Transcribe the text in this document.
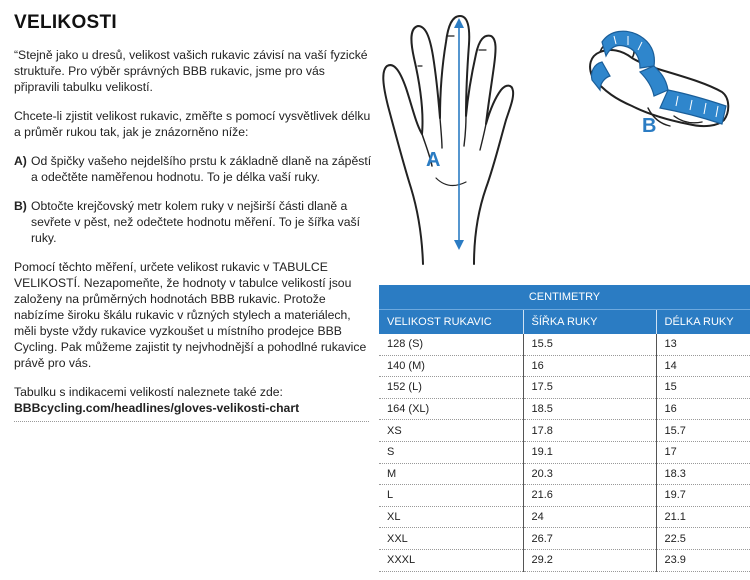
VELIKOSTI

“Stejně jako u dresů, velikost vašich rukavic závisí na vaší fyzické struktuře. Pro výběr správných BBB rukavic, jsme pro vás připravili tabulku velikostí.

Chcete-li zjistit velikost rukavic, změřte s pomocí vysvětlivek délku a průměr rukou tak, jak je znázorněno níže:

A) Od špičky vašeho nejdelšího prstu k základně dlaně na zápěstí a odečtěte naměřenou hodnotu. To je délka vaší ruky.
B) Obtočte krejčovský metr kolem ruky v nejširší části dlaně a sevřete v pěst, než odečtete hodnotu měření. To je šířka vaší ruky.

Pomocí těchto měření, určete velikost rukavic v TABULCE VELIKOSTÍ. Nezapomeňte, že hodnoty v tabulce velikostí jsou založeny na průměrných hodnotách BBB rukavic. Protože nabízíme široku škálu rukavic v různých stylech a materiálech, měli byste vždy rukavice vyzkoušet u místního prodejce BBB Cycling. Pak můžeme zajistit ty nejvhodnější a pohodlné rukavice právě pro vás.

Tabulku s indikacemi velikostí naleznete také zde:
BBBcycling.com/headlines/gloves-velikosti-chart

A
B
CENTIMETRY		
VELIKOST RUKAVIC	ŠÍŘKA RUKY	DÉLKA RUKY
128 (S)	15.5	13
140 (M)	16	14
152 (L)	17.5	15
164 (XL)	18.5	16
XS	17.8	15.7
S	19.1	17
M	20.3	18.3
L	21.6	19.7
XL	24	21.1
XXL	26.7	22.5
XXXL	29.2	23.9
